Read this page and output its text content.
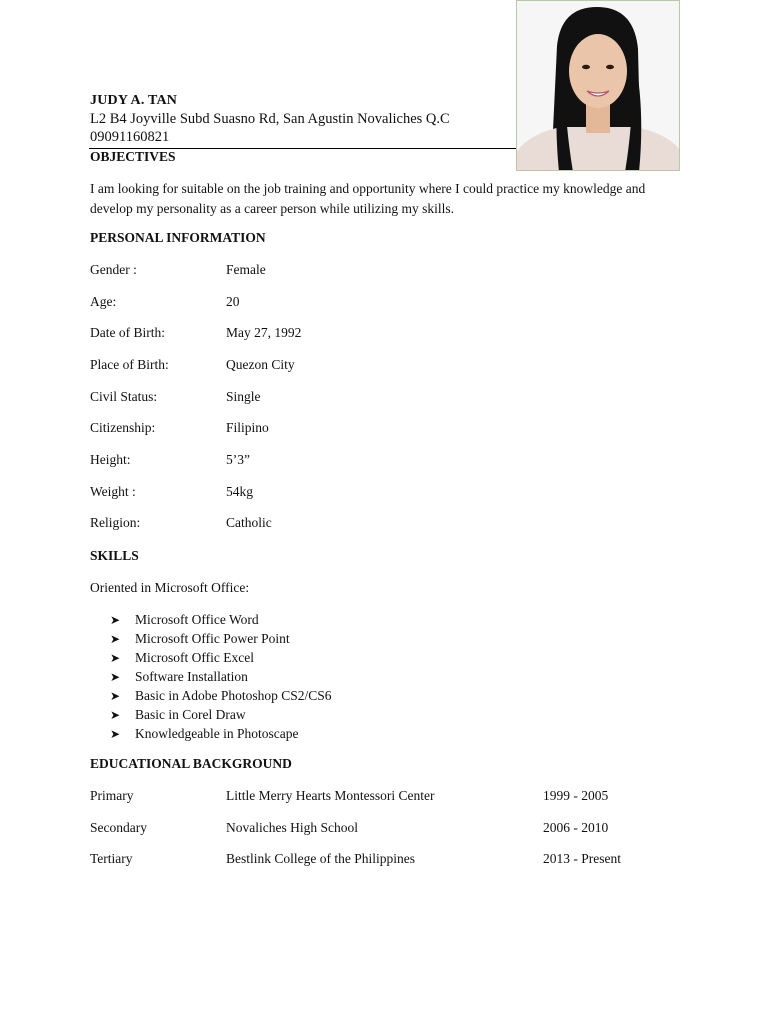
JUDY A. TAN
L2 B4 Joyville Subd Suasno Rd, San Agustin Novaliches Q.C
09091160821
OBJECTIVES
I am looking for suitable on the job training and opportunity where I could practice my knowledge and develop my personality as a career person while utilizing my skills.
PERSONAL INFORMATION
Gender :	Female
Age:	20
Date of Birth:	May 27, 1992
Place of Birth:	Quezon City
Civil Status:	Single
Citizenship:	Filipino
Height:	5’3”
Weight :	54kg
Religion:	Catholic
SKILLS
Oriented in Microsoft Office:
➤	Microsoft Office Word
➤	Microsoft Offic Power Point
➤	Microsoft Offic Excel
➤	Software Installation
➤	Basic in Adobe Photoshop CS2/CS6
➤	Basic in Corel Draw
➤	Knowledgeable in Photoscape
EDUCATIONAL BACKGROUND
Primary	Little Merry Hearts Montessori Center	1999 - 2005
Secondary	Novaliches High School	2006 - 2010
Tertiary	Bestlink College of the Philippines	2013 - Present
